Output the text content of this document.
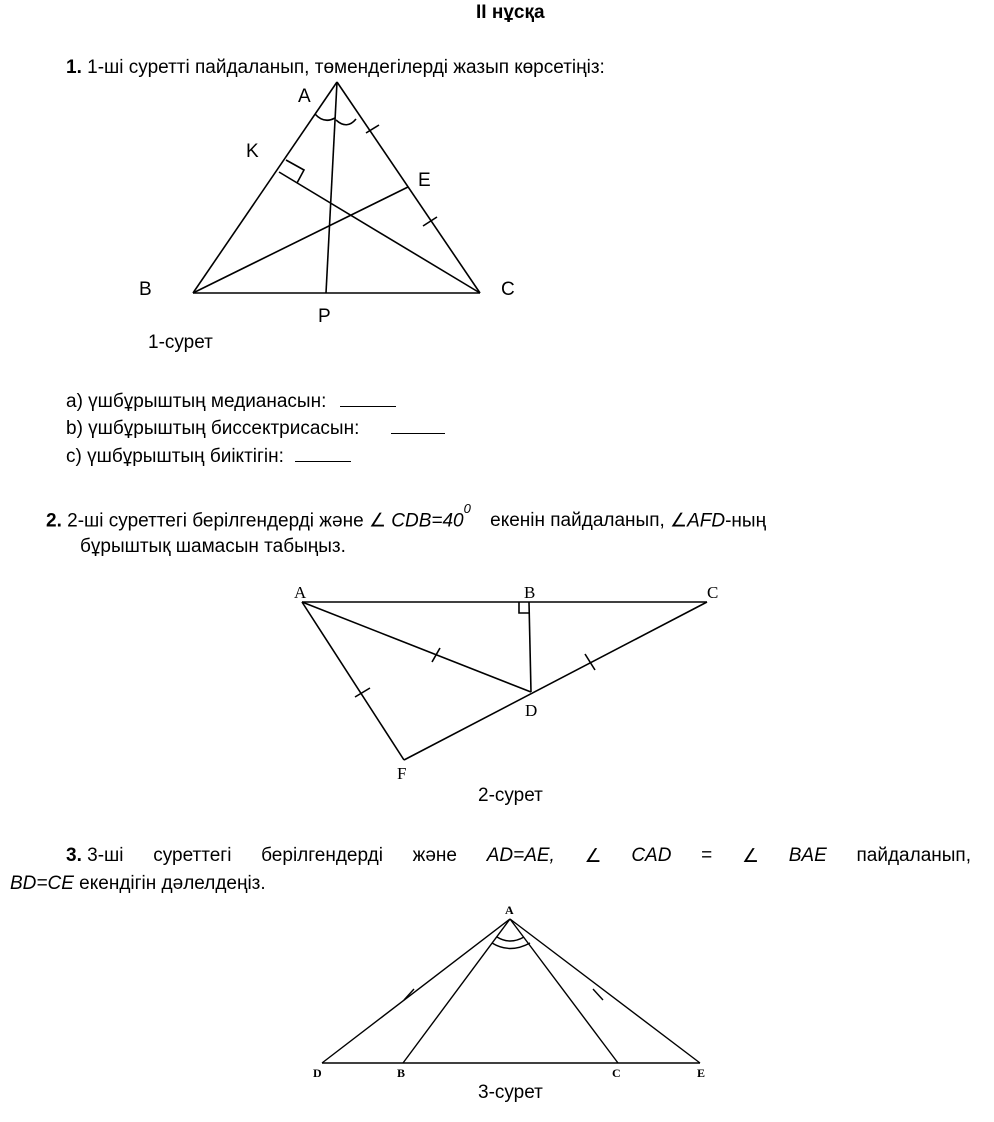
II нұсқа
1. 1-ші суретті пайдаланып, төмендегілерді жазып көрсетіңіз:
A
K
E
B	C
P
1-сурет
a) үшбұрыштың медианасын:
b) үшбұрыштың биссектрисасын:
c) үшбұрыштың биіктігін:
2. 2-ші суреттегі берілгендерді және ∠ $CDB=40^0$ екенін пайдаланып, ∠AFD-ның
бұрыштық шамасын табыңыз.
A	B	C
D
F
2-сурет
3. 3-ші суреттегі берілгендерді және AD=AE, ∠ CAD = ∠ BAE пайдаланып,
BD=CE екендігін дәлелдеңіз.
A
D	B	C	E
3-сурет
